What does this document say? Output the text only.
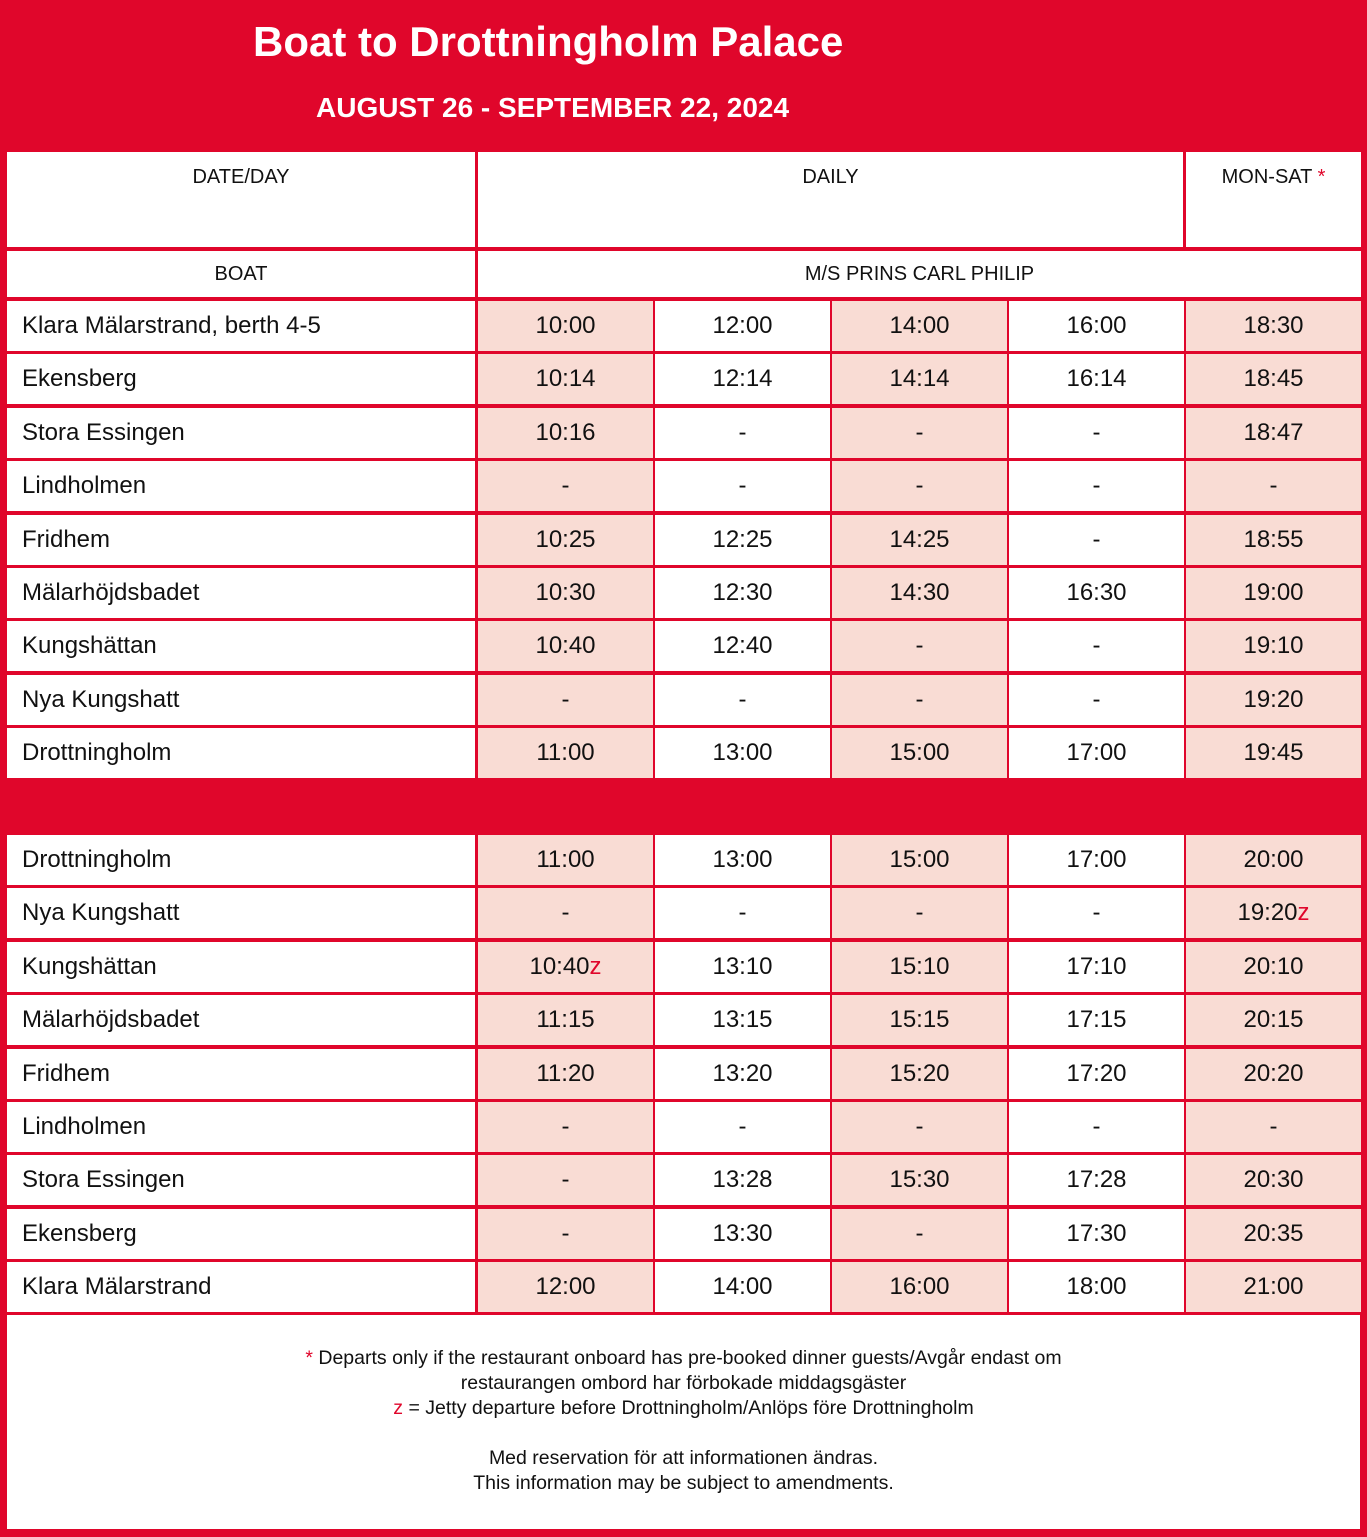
Boat to Drottningholm Palace
AUGUST 26 - SEPTEMBER 22, 2024
DATE/DAY	DAILY	MON-SAT *
BOAT	M/S PRINS CARL PHILIP
Klara Mälarstrand, berth 4-5	10:00	12:00	14:00	16:00	18:30
Ekensberg	10:14	12:14	14:14	16:14	18:45
Stora Essingen	10:16	-	-	-	18:47
Lindholmen	-	-	-	-	-
Fridhem	10:25	12:25	14:25	-	18:55
Mälarhöjdsbadet	10:30	12:30	14:30	16:30	19:00
Kungshättan	10:40	12:40	-	-	19:10
Nya Kungshatt	-	-	-	-	19:20
Drottningholm	11:00	13:00	15:00	17:00	19:45
Drottningholm	11:00	13:00	15:00	17:00	20:00
Nya Kungshatt	-	-	-	-	19:20 z
Kungshättan	10:40 z	13:10	15:10	17:10	20:10
Mälarhöjdsbadet	11:15	13:15	15:15	17:15	20:15
Fridhem	11:20	13:20	15:20	17:20	20:20
Lindholmen	-	-	-	-	-
Stora Essingen	-	13:28	15:30	17:28	20:30
Ekensberg	-	13:30	-	17:30	20:35
Klara Mälarstrand	12:00	14:00	16:00	18:00	21:00

* Departs only if the restaurant onboard has pre-booked dinner guests/Avgår endast om

restaurangen ombord har förbokade middagsgäster

z = Jetty departure before Drottningholm/Anlöps före Drottningholm

Med reservation för att informationen ändras.

This information may be subject to amendments.
